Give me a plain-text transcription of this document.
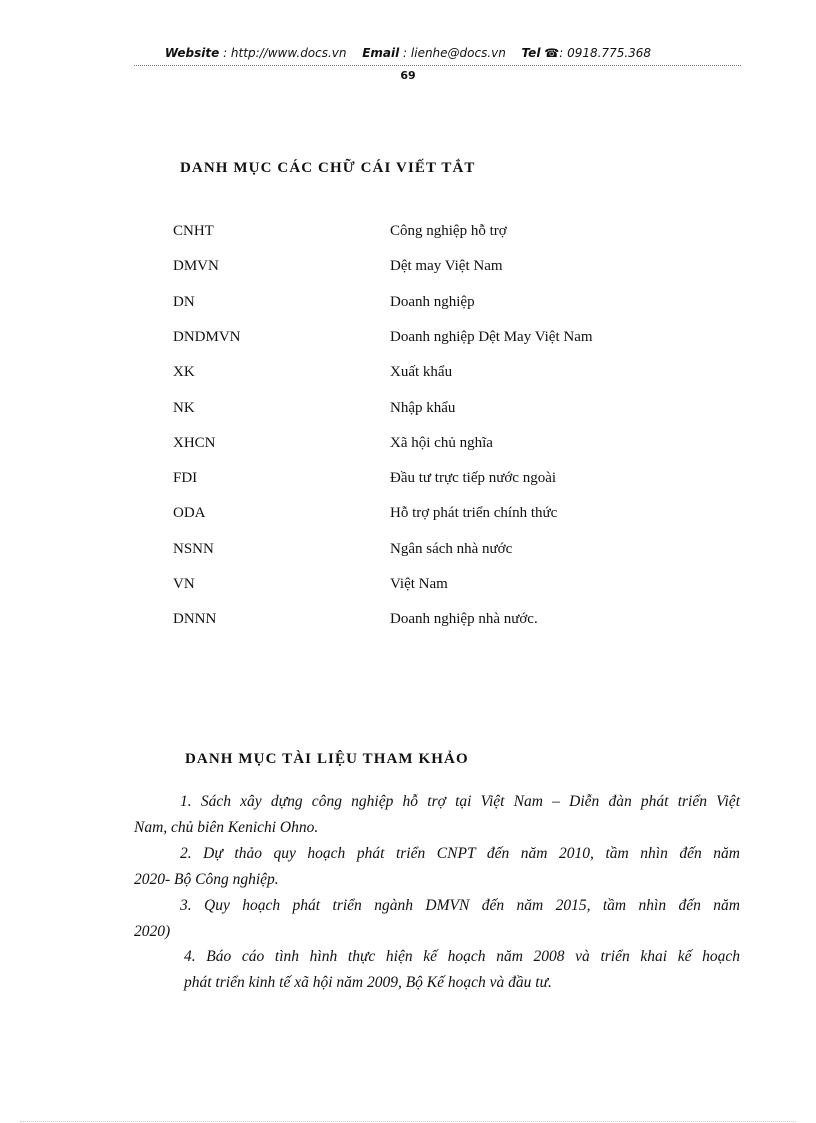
Website : http://www.docs.vn Email : lienhe@docs.vn Tel ☎: 0918.775.368
69
DANH MỤC CÁC CHỮ CÁI VIẾT TẮT
CNHT	Công nghiệp hỗ trợ
DMVN	Dệt may Việt Nam
DN	Doanh nghiệp
DNDMVN	Doanh nghiệp Dệt May Việt Nam
XK	Xuất khẩu
NK	Nhập khẩu
XHCN	Xã hội chủ nghĩa
FDI	Đầu tư trực tiếp nước ngoài
ODA	Hỗ trợ phát triển chính thức
NSNN	Ngân sách nhà nước
VN	Việt Nam
DNNN	Doanh nghiệp nhà nước.
DANH MỤC TÀI LIỆU THAM KHẢO
1. Sách xây dựng công nghiệp hỗ trợ tại Việt Nam – Diễn đàn phát triển Việt
Nam, chủ biên Kenichi Ohno.
2. Dự thảo quy hoạch phát triển CNPT đến năm 2010, tầm nhìn đến năm
2020- Bộ Công nghiệp.
3. Quy hoạch phát triển ngành DMVN đến năm 2015, tầm nhìn đến năm
2020)
4. Báo cáo tình hình thực hiện kế hoạch năm 2008 và triển khai kế hoạch
phát triển kinh tế xã hội năm 2009, Bộ Kế hoạch và đầu tư.
